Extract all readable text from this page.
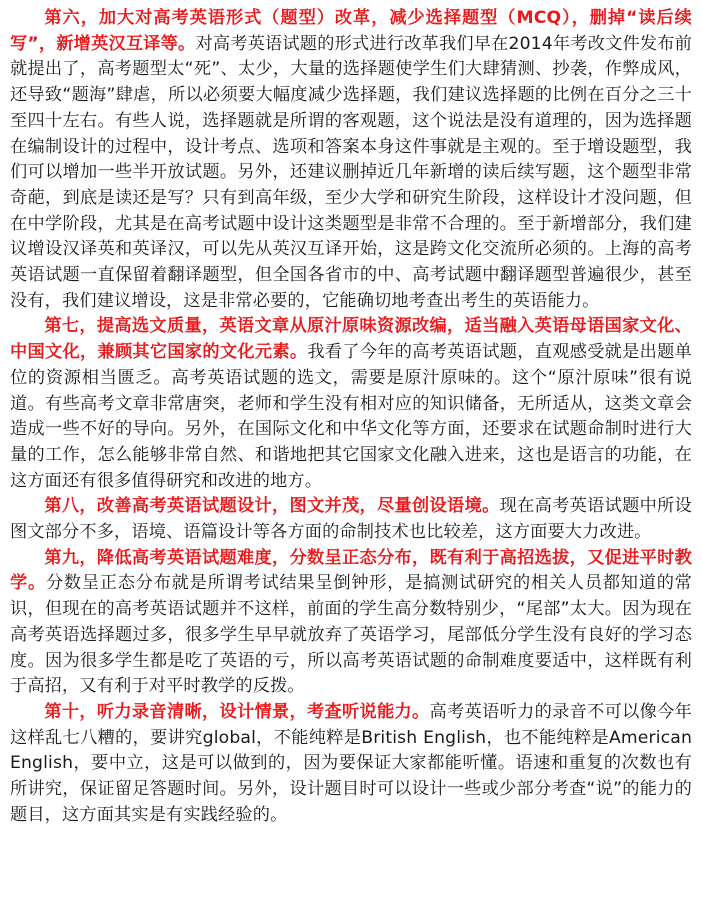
第六，加大对高考英语形式（题型）改革，减少选择题型（MCQ），删掉“读后续写”，新增英汉互译等。对高考英语试题的形式进行改革我们早在2014年考改文件发布前就提出了，高考题型太“死”、太少，大量的选择题使学生们大肆猜测、抄袭，作弊成风，还导致“题海”肆虐，所以必须要大幅度减少选择题，我们建议选择题的比例在百分之三十至四十左右。有些人说，选择题就是所谓的客观题，这个说法是没有道理的，因为选择题在编制设计的过程中，设计考点、选项和答案本身这件事就是主观的。至于增设题型，我们可以增加一些半开放试题。另外，还建议删掉近几年新增的读后续写题，这个题型非常奇葩，到底是读还是写？只有到高年级，至少大学和研究生阶段，这样设计才没问题，但在中学阶段，尤其是在高考试题中设计这类题型是非常不合理的。至于新增部分，我们建议增设汉译英和英译汉，可以先从英汉互译开始，这是跨文化交流所必须的。上海的高考英语试题一直保留着翻译题型，但全国各省市的中、高考试题中翻译题型普遍很少，甚至没有，我们建议增设，这是非常必要的，它能确切地考查出考生的英语能力。

第七，提高选文质量，英语文章从原汁原味资源改编，适当融入英语母语国家文化、中国文化，兼顾其它国家的文化元素。我看了今年的高考英语试题，直观感受就是出题单位的资源相当匮乏。高考英语试题的选文，需要是原汁原味的。这个“原汁原味”很有说道。有些高考文章非常唐突，老师和学生没有相对应的知识储备，无所适从，这类文章会造成一些不好的导向。另外，在国际文化和中华文化等方面，还要求在试题命制时进行大量的工作，怎么能够非常自然、和谐地把其它国家文化融入进来，这也是语言的功能，在这方面还有很多值得研究和改进的地方。

第八，改善高考英语试题设计，图文并茂，尽量创设语境。现在高考英语试题中所设图文部分不多，语境、语篇设计等各方面的命制技术也比较差，这方面要大力改进。

第九，降低高考英语试题难度，分数呈正态分布，既有利于高招选拔，又促进平时教学。分数呈正态分布就是所谓考试结果呈倒钟形，是搞测试研究的相关人员都知道的常识，但现在的高考英语试题并不这样，前面的学生高分数特别少，“尾部”太大。因为现在高考英语选择题过多，很多学生早早就放弃了英语学习，尾部低分学生没有良好的学习态度。因为很多学生都是吃了英语的亏，所以高考英语试题的命制难度要适中，这样既有利于高招，又有利于对平时教学的反拨。

第十，听力录音清晰，设计情景，考查听说能力。高考英语听力的录音不可以像今年这样乱七八糟的，要讲究global，不能纯粹是British English，也不能纯粹是American English，要中立，这是可以做到的，因为要保证大家都能听懂。语速和重复的次数也有所讲究，保证留足答题时间。另外，设计题目时可以设计一些或少部分考查“说”的能力的题目，这方面其实是有实践经验的。
